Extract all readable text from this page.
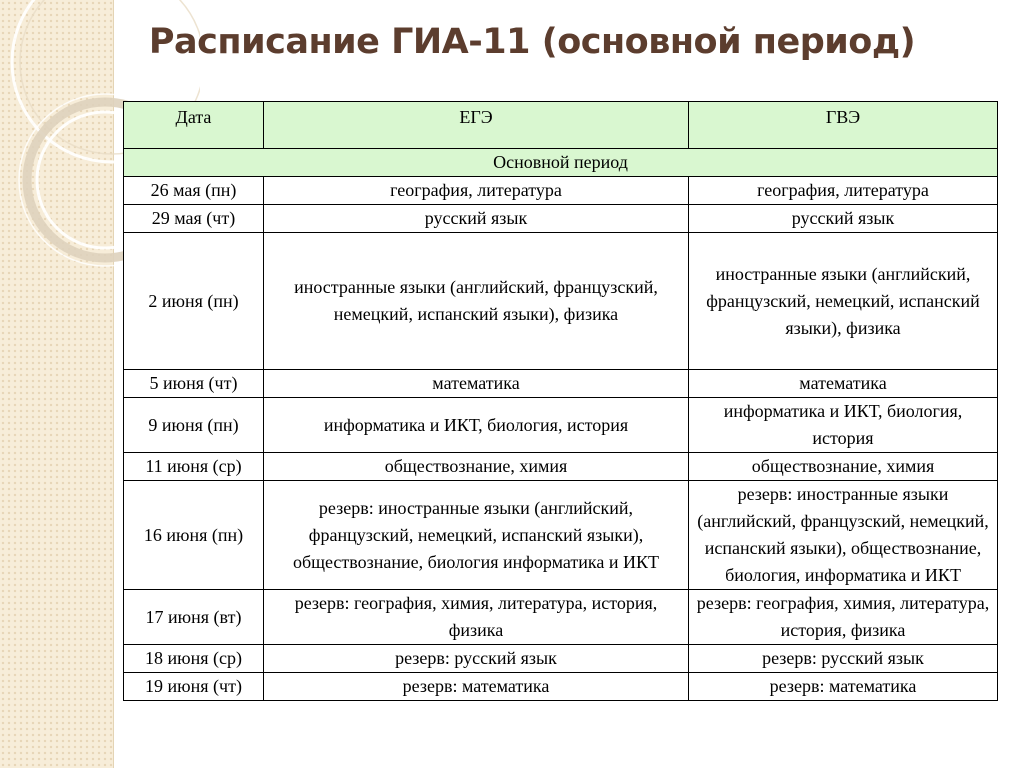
Расписание ГИА-11 (основной период)
Дата	ЕГЭ	ГВЭ
Основной период		
26 мая (пн)	география, литература	география, литература
29 мая (чт)	русский язык	русский язык
2 июня (пн)	иностранные языки (английский, французский, немецкий, испанский языки), физика	иностранные языки (английский, французский, немецкий, испанский языки), физика
5 июня (чт)	математика	математика
9 июня (пн)	информатика и ИКТ, биология, история	информатика и ИКТ, биология, история
11 июня (ср)	обществознание, химия	обществознание, химия
16 июня (пн)	резерв: иностранные языки (английский, французский, немецкий, испанский языки), обществознание, биология информатика и ИКТ	резерв: иностранные языки (английский, французский, немецкий, испанский языки), обществознание, биология, информатика и ИКТ
17 июня (вт)	резерв: география, химия, литература, история, физика	резерв: география, химия, литература, история, физика
18 июня (ср)	резерв: русский язык	резерв: русский язык
19 июня (чт)	резерв: математика	резерв: математика
